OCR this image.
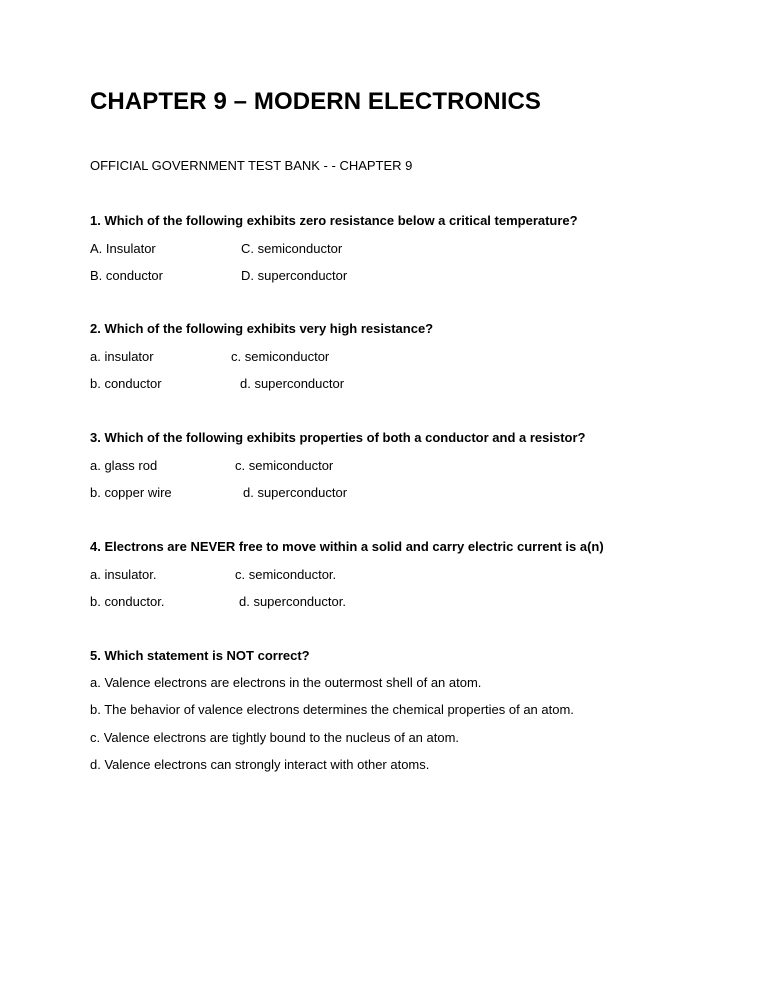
CHAPTER 9 – MODERN ELECTRONICS
OFFICIAL GOVERNMENT TEST BANK - - CHAPTER 9
1. Which of the following exhibits zero resistance below a critical temperature?
A. Insulator	C. semiconductor
B. conductor	D. superconductor
2. Which of the following exhibits very high resistance?
a. insulator	c. semiconductor
b. conductor	d. superconductor
3. Which of the following exhibits properties of both a conductor and a resistor?
a. glass rod	c. semiconductor
b. copper wire	d. superconductor
4. Electrons are NEVER free to move within a solid and carry electric current is a(n)
a. insulator.	c. semiconductor.
b. conductor.	d. superconductor.
5. Which statement is NOT correct?
a. Valence electrons are electrons in the outermost shell of an atom.
b. The behavior of valence electrons determines the chemical properties of an atom.
c. Valence electrons are tightly bound to the nucleus of an atom.
d. Valence electrons can strongly interact with other atoms.
